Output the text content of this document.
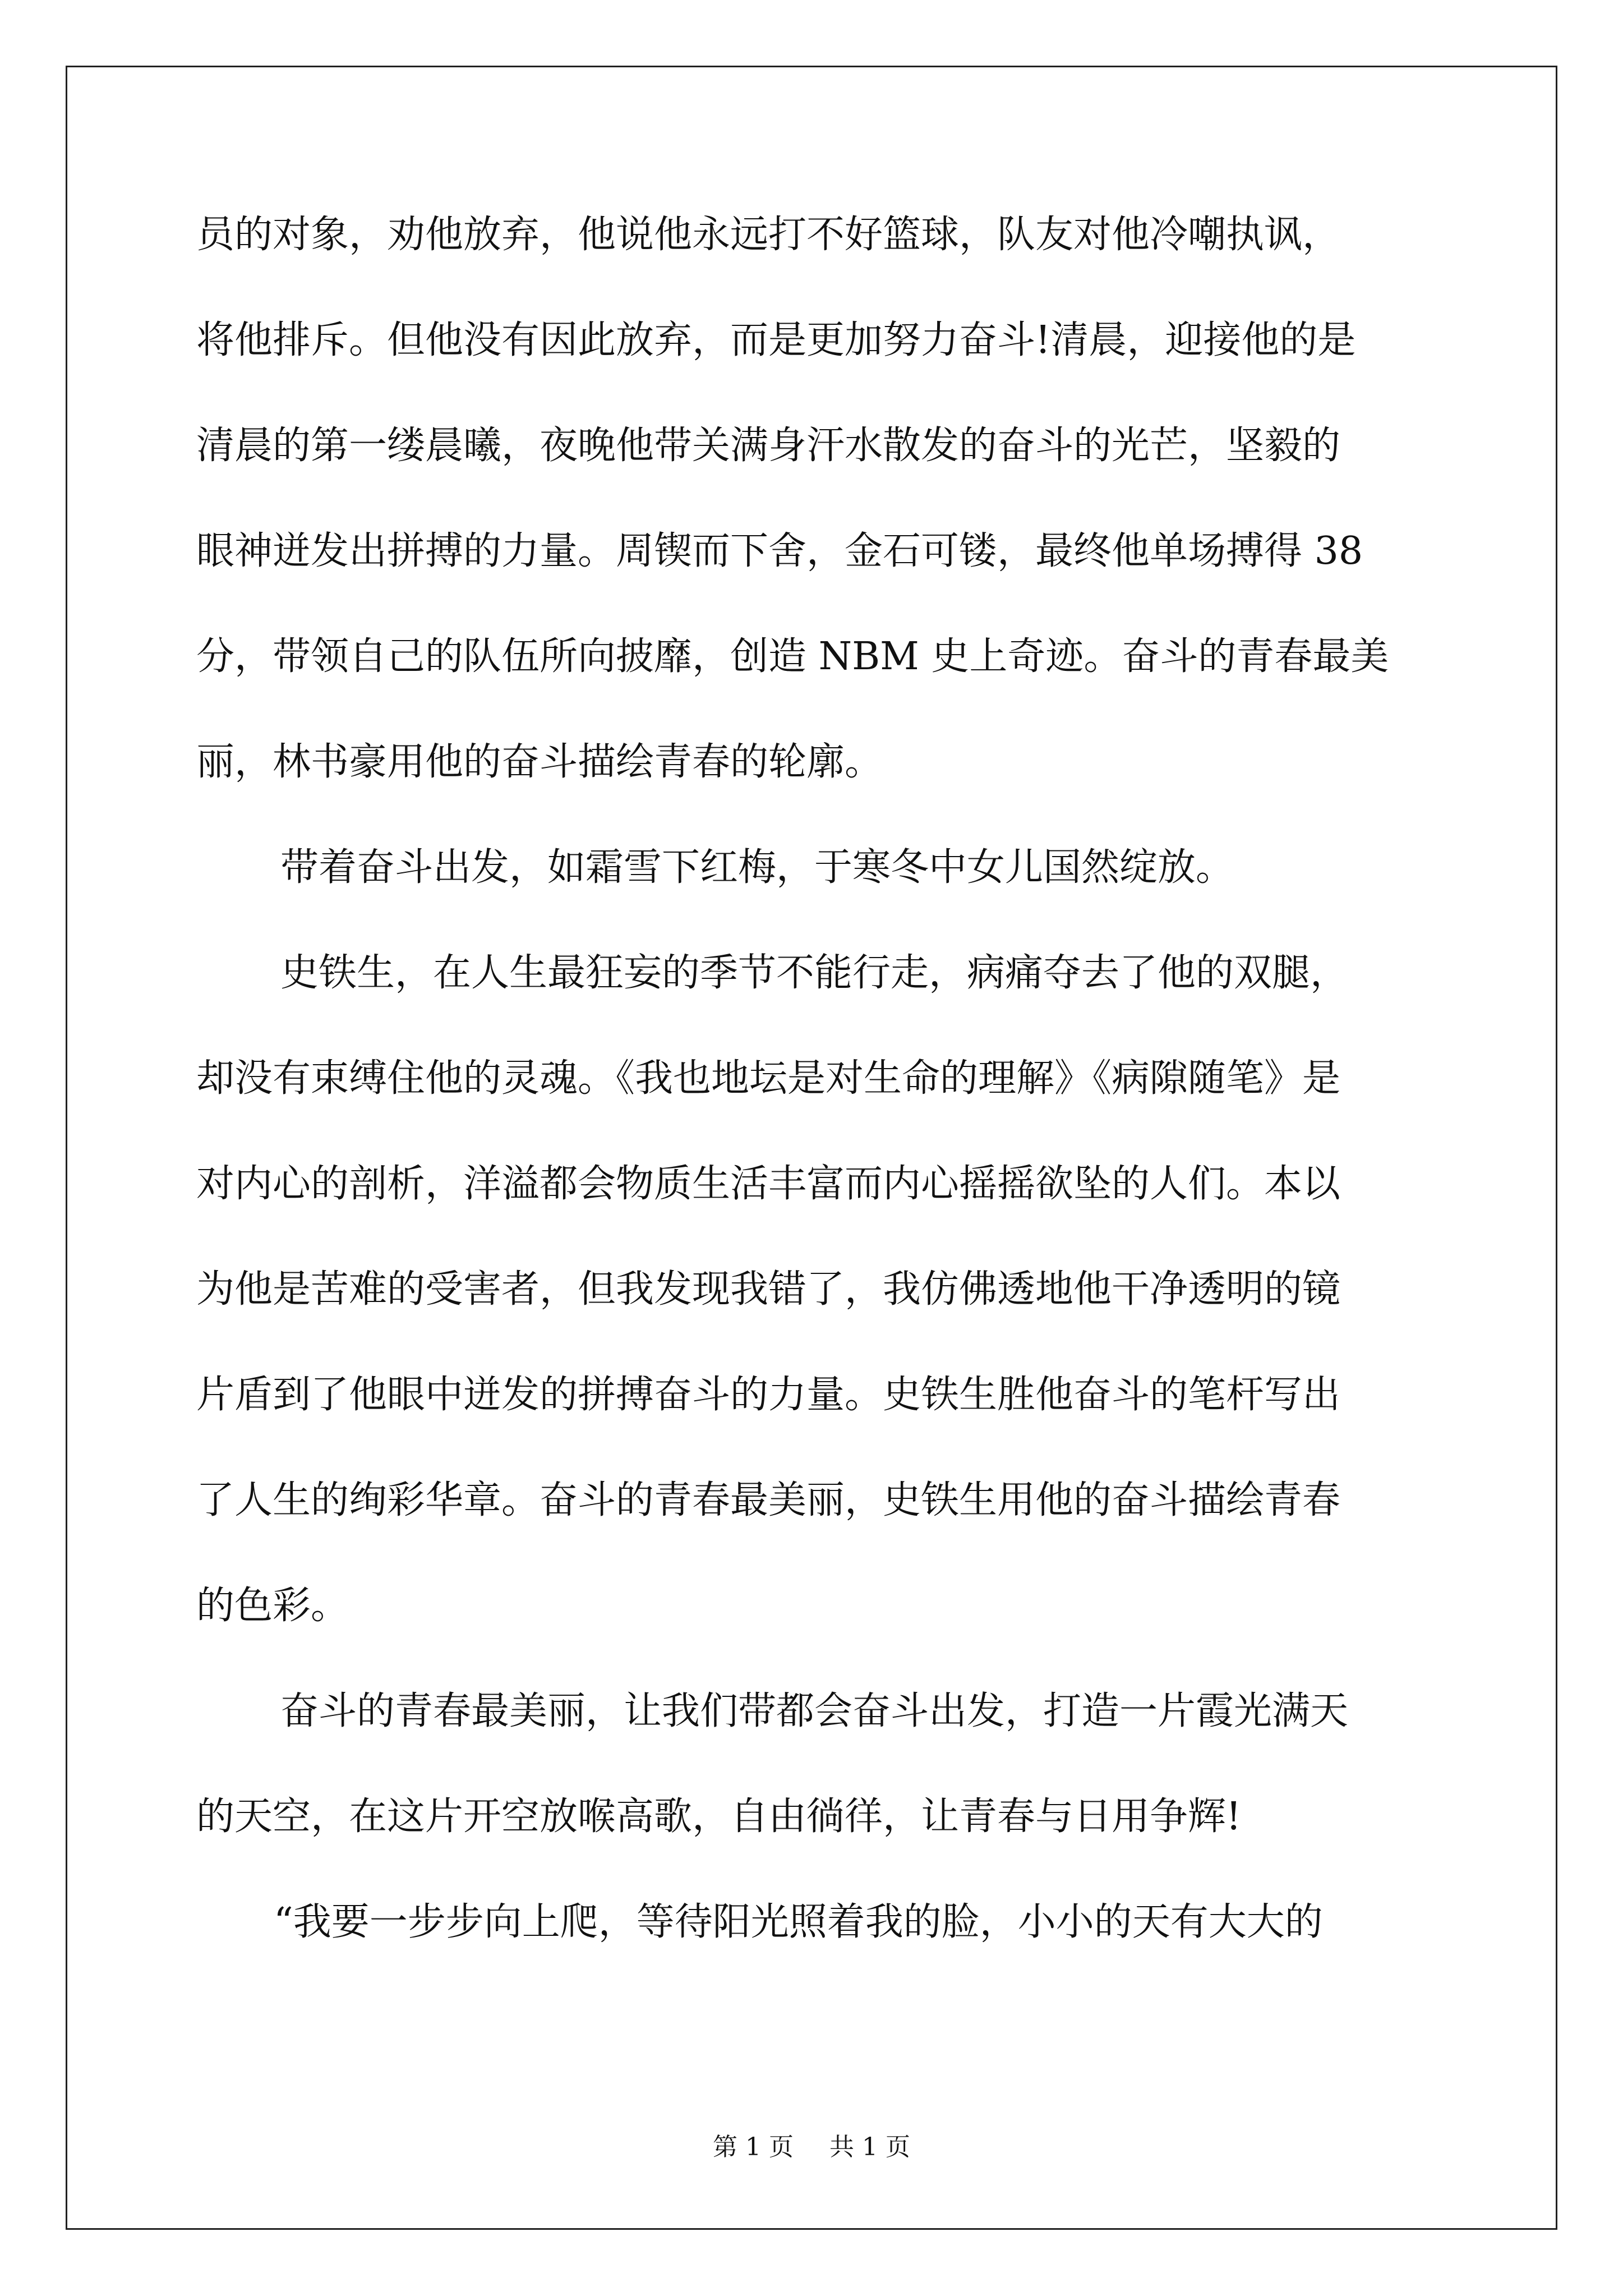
员的对象，劝他放弃，他说他永远打不好篮球，队友对他冷嘲执讽，
将他排斥。但他没有因此放弃，而是更加努力奋斗!清晨，迎接他的是
清晨的第一缕晨曦，夜晚他带关满身汗水散发的奋斗的光芒，坚毅的
眼神迸发出拼搏的力量。周锲而下舍，金石可镂，最终他单场搏得 38
分，带领自己的队伍所向披靡，创造 NBM 史上奇迹。奋斗的青春最美
丽，林书豪用他的奋斗描绘青春的轮廓。
带着奋斗出发，如霜雪下红梅，于寒冬中女儿国然绽放。
史铁生，在人生最狂妄的季节不能行走，病痛夺去了他的双腿，
却没有束缚住他的灵魂。《我也地坛是对生命的理解》《病隙随笔》是
对内心的剖析，洋溢都会物质生活丰富而内心摇摇欲坠的人们。本以
为他是苦难的受害者，但我发现我错了，我仿佛透地他干净透明的镜
片盾到了他眼中迸发的拼搏奋斗的力量。史铁生胜他奋斗的笔杆写出
了人生的绚彩华章。奋斗的青春最美丽，史铁生用他的奋斗描绘青春
的色彩。
奋斗的青春最美丽，让我们带都会奋斗出发，打造一片霞光满天
的天空，在这片开空放喉高歌，自由徜徉，让青春与日用争辉!
“我要一步步向上爬，等待阳光照着我的脸，小小的天有大大的
第 1 页 共 1 页
